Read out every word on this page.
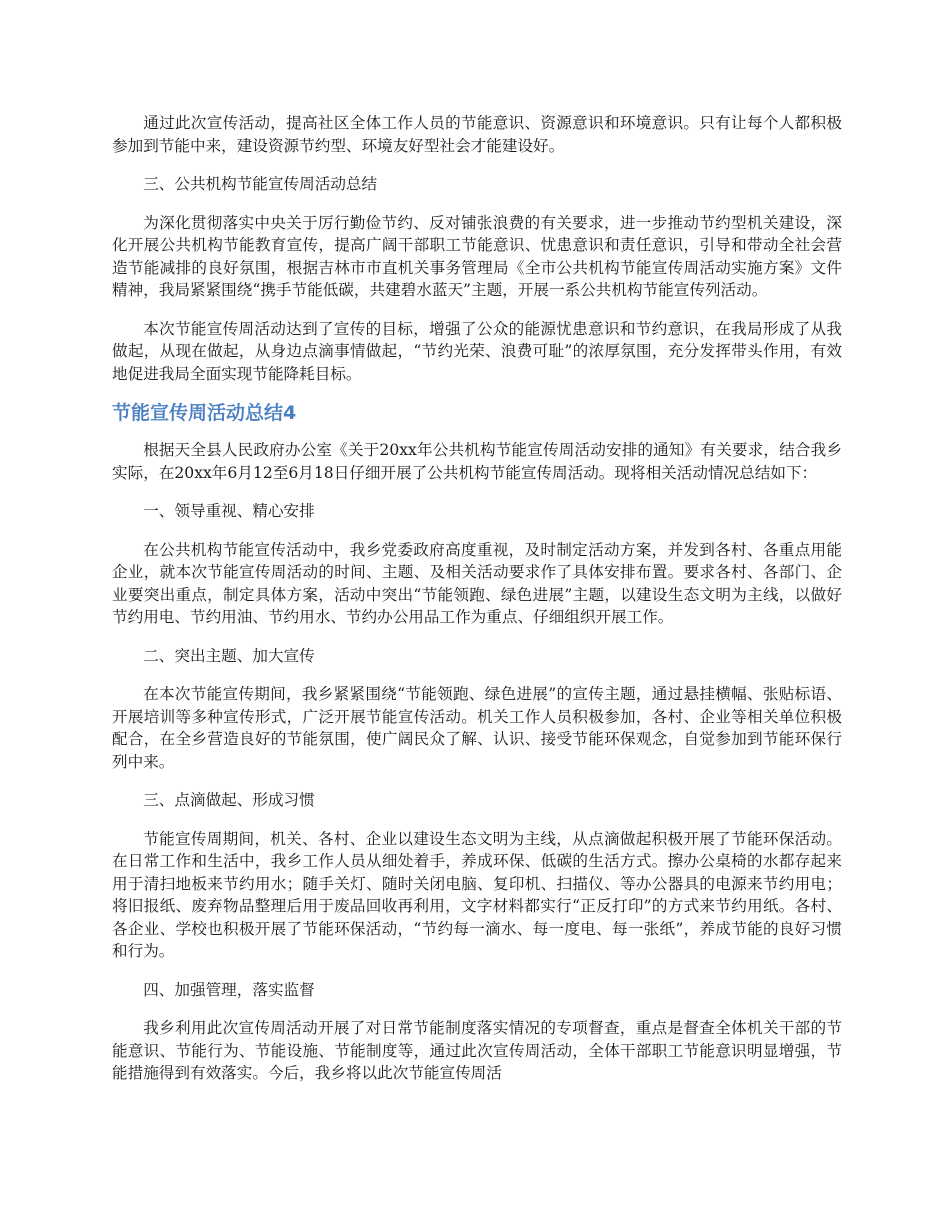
通过此次宣传活动，提高社区全体工作人员的节能意识、资源意识和环境意识。只有让每个人都积极参加到节能中来，建设资源节约型、环境友好型社会才能建设好。

三、公共机构节能宣传周活动总结

为深化贯彻落实中央关于厉行勤俭节约、反对铺张浪费的有关要求，进一步推动节约型机关建设，深化开展公共机构节能教育宣传，提高广阔干部职工节能意识、忧患意识和责任意识，引导和带动全社会营造节能减排的良好氛围，根据吉林市市直机关事务管理局《全市公共机构节能宣传周活动实施方案》文件精神，我局紧紧围绕“携手节能低碳，共建碧水蓝天”主题，开展一系公共机构节能宣传列活动。

本次节能宣传周活动达到了宣传的目标，增强了公众的能源忧患意识和节约意识，在我局形成了从我做起，从现在做起，从身边点滴事情做起，“节约光荣、浪费可耻”的浓厚氛围，充分发挥带头作用，有效地促进我局全面实现节能降耗目标。

节能宣传周活动总结4

根据天全县人民政府办公室《关于20xx年公共机构节能宣传周活动安排的通知》有关要求，结合我乡实际，在20xx年6月12至6月18日仔细开展了公共机构节能宣传周活动。现将相关活动情况总结如下：

一、领导重视、精心安排

在公共机构节能宣传活动中，我乡党委政府高度重视，及时制定活动方案，并发到各村、各重点用能企业，就本次节能宣传周活动的时间、主题、及相关活动要求作了具体安排布置。要求各村、各部门、企业要突出重点，制定具体方案，活动中突出“节能领跑、绿色进展”主题，以建设生态文明为主线，以做好节约用电、节约用油、节约用水、节约办公用品工作为重点、仔细组织开展工作。

二、突出主题、加大宣传

在本次节能宣传期间，我乡紧紧围绕“节能领跑、绿色进展”的宣传主题，通过悬挂横幅、张贴标语、开展培训等多种宣传形式，广泛开展节能宣传活动。机关工作人员积极参加，各村、企业等相关单位积极配合，在全乡营造良好的节能氛围，使广阔民众了解、认识、接受节能环保观念，自觉参加到节能环保行列中来。

三、点滴做起、形成习惯

节能宣传周期间，机关、各村、企业以建设生态文明为主线，从点滴做起积极开展了节能环保活动。在日常工作和生活中，我乡工作人员从细处着手，养成环保、低碳的生活方式。擦办公桌椅的水都存起来用于清扫地板来节约用水；随手关灯、随时关闭电脑、复印机、扫描仪、等办公器具的电源来节约用电；将旧报纸、废弃物品整理后用于废品回收再利用，文字材料都实行“正反打印”的方式来节约用纸。各村、各企业、学校也积极开展了节能环保活动，“节约每一滴水、每一度电、每一张纸”，养成节能的良好习惯和行为。

四、加强管理，落实监督

我乡利用此次宣传周活动开展了对日常节能制度落实情况的专项督查，重点是督查全体机关干部的节能意识、节能行为、节能设施、节能制度等，通过此次宣传周活动，全体干部职工节能意识明显增强，节能措施得到有效落实。今后，我乡将以此次节能宣传周活
